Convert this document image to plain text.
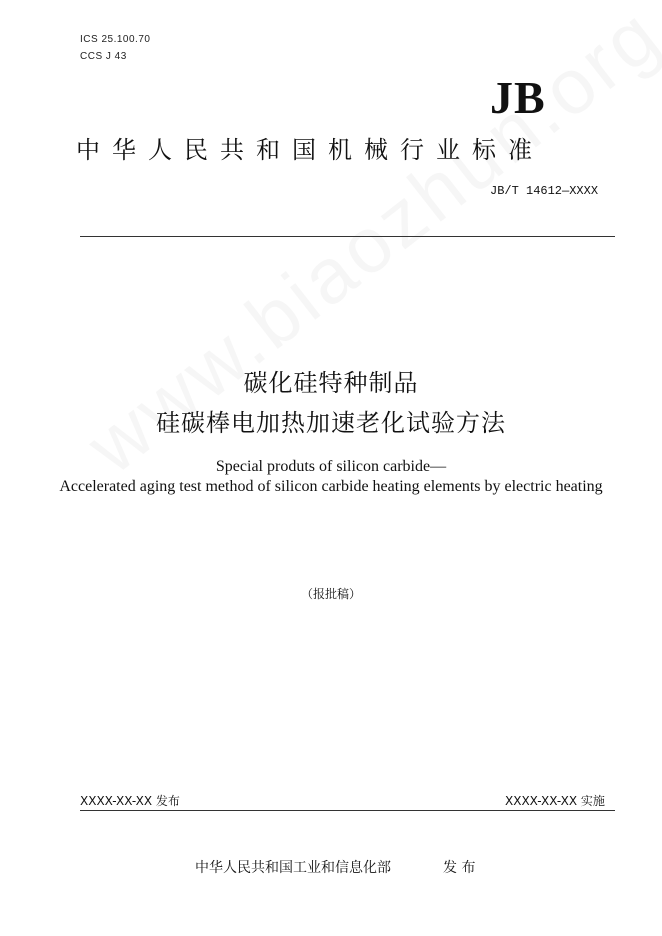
ICS 25.100.70
CCS J 43
JB
中华人民共和国机械行业标准
JB/T 14612—XXXX
碳化硅特种制品
硅碳棒电加热加速老化试验方法
Special produts of silicon carbide—
Accelerated aging test method of silicon carbide heating elements by electric heating
（报批稿）
XXXX-XX-XX 发布	XXXX-XX-XX 实施
中华人民共和国工业和信息化部	发 布
